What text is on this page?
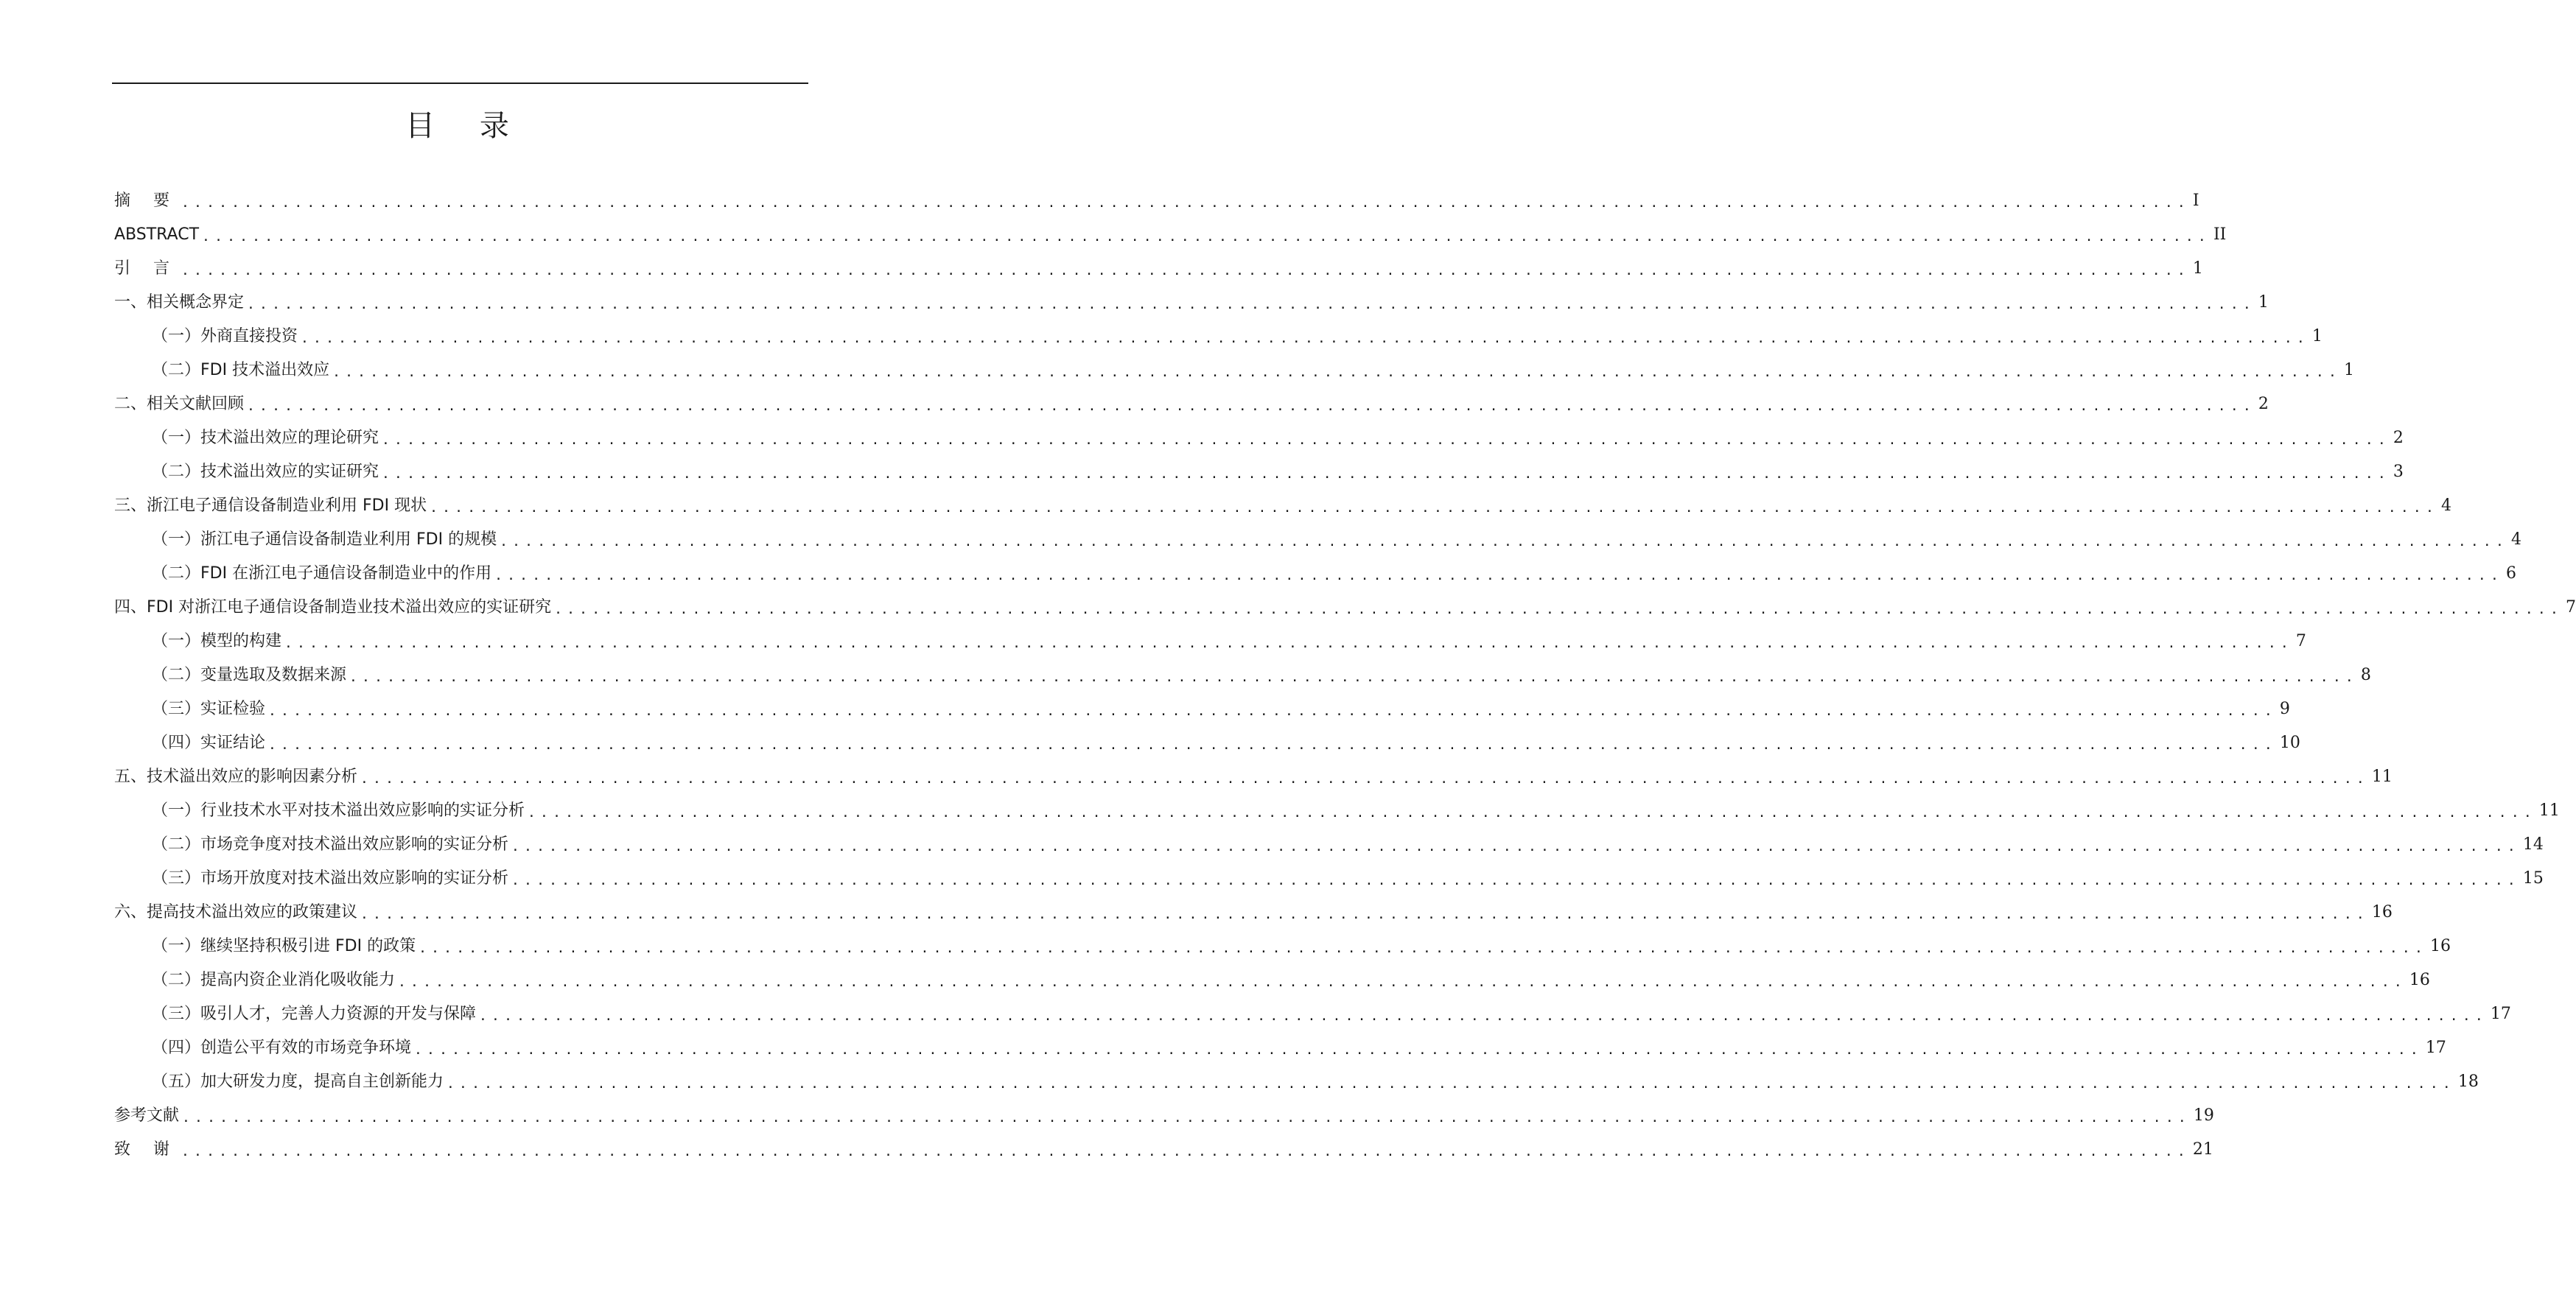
目 录
摘 要 ................................................................................................................................................................ I
ABSTRACT ................................................................................................................................................................ II
引 言 ................................................................................................................................................................ 1
一、相关概念界定 ................................................................................................................................................................ 1
（一）外商直接投资 ................................................................................................................................................................ 1
（二）FDI 技术溢出效应 ................................................................................................................................................................ 1
二、相关文献回顾 ................................................................................................................................................................ 2
（一）技术溢出效应的理论研究 ................................................................................................................................................................ 2
（二）技术溢出效应的实证研究 ................................................................................................................................................................ 3
三、浙江电子通信设备制造业利用 FDI 现状 ................................................................................................................................................................ 4
（一）浙江电子通信设备制造业利用 FDI 的规模 ................................................................................................................................................................ 4
（二）FDI 在浙江电子通信设备制造业中的作用 ................................................................................................................................................................ 6
四、FDI 对浙江电子通信设备制造业技术溢出效应的实证研究 ................................................................................................................................................................ 7
（一）模型的构建 ................................................................................................................................................................ 7
（二）变量选取及数据来源 ................................................................................................................................................................ 8
（三）实证检验 ................................................................................................................................................................ 9
（四）实证结论 ................................................................................................................................................................ 10
五、技术溢出效应的影响因素分析 ................................................................................................................................................................ 11
（一）行业技术水平对技术溢出效应影响的实证分析 ................................................................................................................................................................ 11
（二）市场竞争度对技术溢出效应影响的实证分析 ................................................................................................................................................................ 14
（三）市场开放度对技术溢出效应影响的实证分析 ................................................................................................................................................................ 15
六、提高技术溢出效应的政策建议 ................................................................................................................................................................ 16
（一）继续坚持积极引进 FDI 的政策 ................................................................................................................................................................ 16
（二）提高内资企业消化吸收能力 ................................................................................................................................................................ 16
（三）吸引人才，完善人力资源的开发与保障 ................................................................................................................................................................ 17
（四）创造公平有效的市场竞争环境 ................................................................................................................................................................ 17
（五）加大研发力度，提高自主创新能力 ................................................................................................................................................................ 18
参考文献 ................................................................................................................................................................ 19
致 谢 ................................................................................................................................................................ 21
